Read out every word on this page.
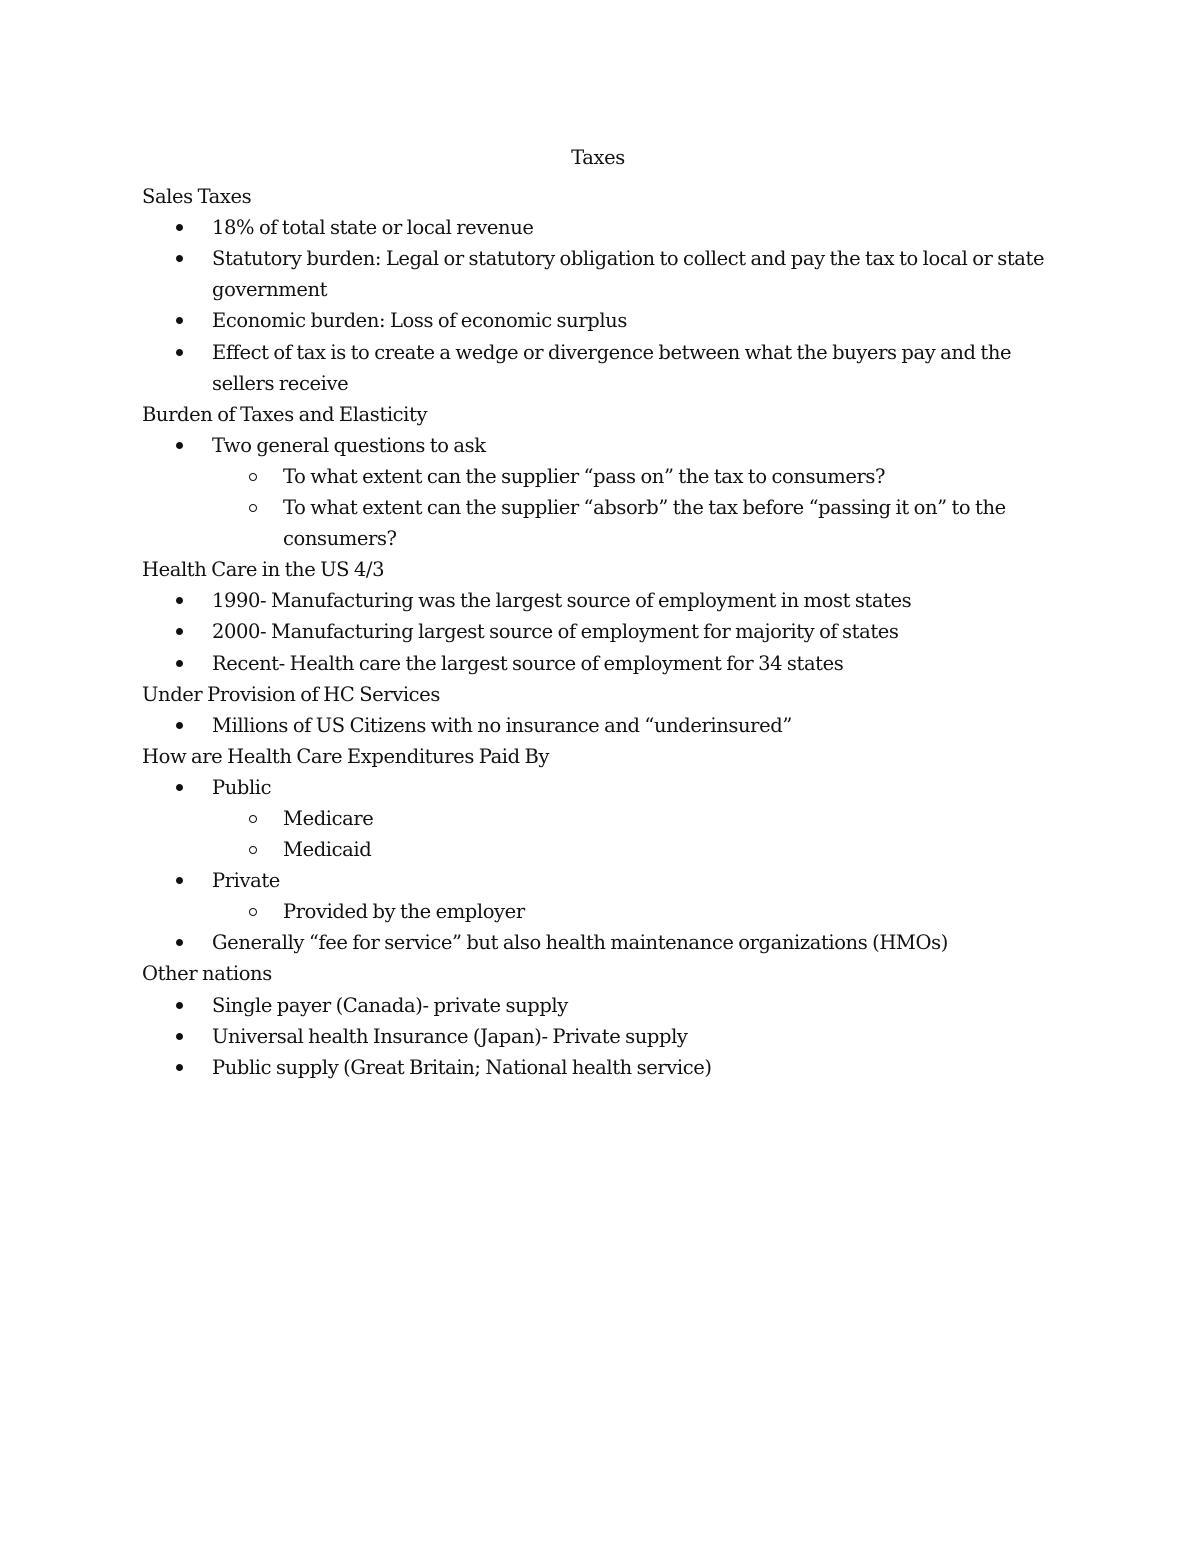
Taxes
Sales Taxes
18% of total state or local revenue
Statutory burden: Legal or statutory obligation to collect and pay the tax to local or state government
Economic burden: Loss of economic surplus
Effect of tax is to create a wedge or divergence between what the buyers pay and the sellers receive
Burden of Taxes and Elasticity
Two general questions to ask
To what extent can the supplier “pass on” the tax to consumers?
To what extent can the supplier “absorb” the tax before “passing it on” to the consumers?
Health Care in the US 4/3
1990- Manufacturing was the largest source of employment in most states
2000- Manufacturing largest source of employment for majority of states
Recent- Health care the largest source of employment for 34 states
Under Provision of HC Services
Millions of US Citizens with no insurance and “underinsured”
How are Health Care Expenditures Paid By
Public
Medicare
Medicaid
Private
Provided by the employer
Generally “fee for service” but also health maintenance organizations (HMOs)
Other nations
Single payer (Canada)- private supply
Universal health Insurance (Japan)- Private supply
Public supply (Great Britain; National health service)
